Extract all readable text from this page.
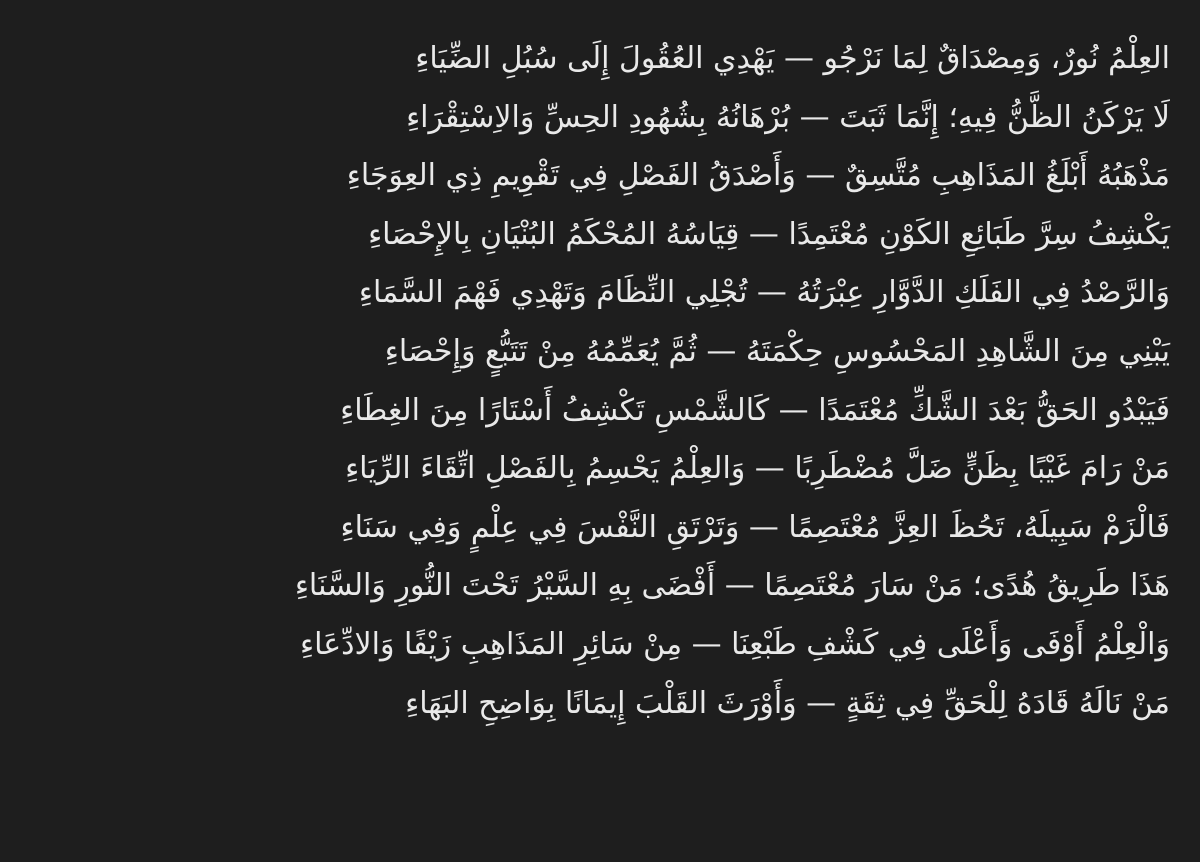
العِلْمُ نُورٌ، وَمِصْدَاقٌ لِمَا نَرْجُو — يَهْدِي العُقُولَ إِلَى سُبُلِ الضِّيَاءِ
لَا يَرْكَنُ الظَّنُّ فِيهِ؛ إِنَّمَا ثَبَتَ — بُرْهَانُهُ بِشُهُودِ الحِسِّ وَالاِسْتِقْرَاءِ
مَذْهَبُهُ أَبْلَغُ المَذَاهِبِ مُتَّسِقٌ — وَأَصْدَقُ الفَصْلِ فِي تَقْوِيمِ ذِي العِوَجَاءِ
يَكْشِفُ سِرَّ طَبَائِعِ الكَوْنِ مُعْتَمِدًا — قِيَاسُهُ المُحْكَمُ البُنْيَانِ بِالإِحْصَاءِ
وَالرَّصْدُ فِي الفَلَكِ الدَّوَّارِ عِبْرَتُهُ — تُجْلِي النِّظَامَ وَتَهْدِي فَهْمَ السَّمَاءِ
يَبْنِي مِنَ الشَّاهِدِ المَحْسُوسِ حِكْمَتَهُ — ثُمَّ يُعَمِّمُهُ مِنْ تَتَبُّعٍ وَإِحْصَاءِ
فَيَبْدُو الحَقُّ بَعْدَ الشَّكِّ مُعْتَمَدًا — كَالشَّمْسِ تَكْشِفُ أَسْتَارًا مِنَ الغِطَاءِ
مَنْ رَامَ غَيْبًا بِظَنٍّ ضَلَّ مُضْطَرِبًا — وَالعِلْمُ يَحْسِمُ بِالفَصْلِ اتِّقَاءَ الرِّيَاءِ
فَالْزَمْ سَبِيلَهُ، تَحُظَ العِزَّ مُعْتَصِمًا — وَتَرْتَقِ النَّفْسَ فِي عِلْمٍ وَفِي سَنَاءِ
هَذَا طَرِيقُ هُدًى؛ مَنْ سَارَ مُعْتَصِمًا — أَفْضَى بِهِ السَّيْرُ تَحْتَ النُّورِ وَالسَّنَاءِ
وَالْعِلْمُ أَوْفَى وَأَعْلَى فِي كَشْفِ طَبْعِنَا — مِنْ سَائِرِ المَذَاهِبِ زَيْفًا وَالادِّعَاءِ
مَنْ نَالَهُ قَادَهُ لِلْحَقِّ فِي ثِقَةٍ — وَأَوْرَثَ القَلْبَ إِيمَانًا بِوَاضِحِ البَهَاءِ
